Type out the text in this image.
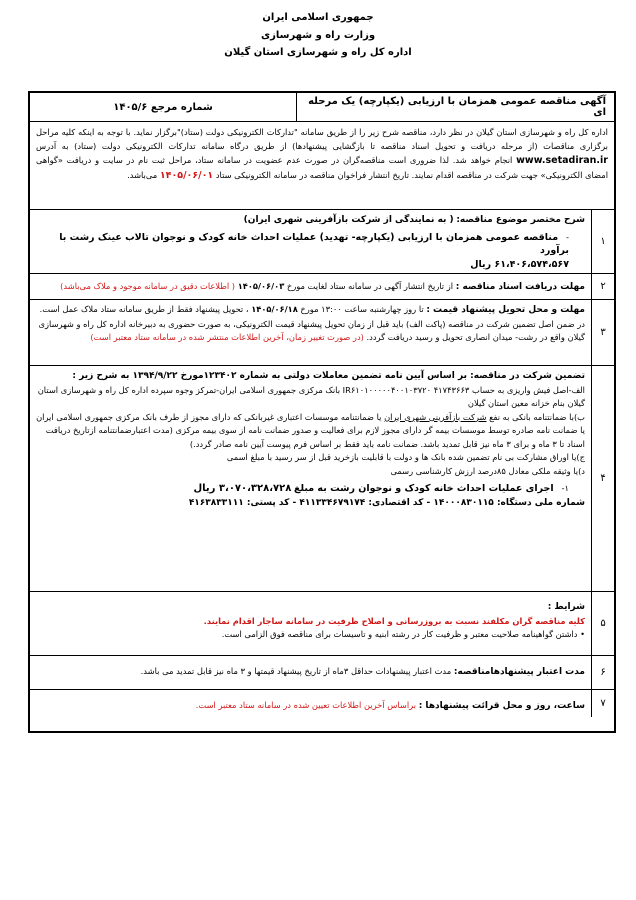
جمهوری اسلامی ایران
وزارت راه و شهرسازی
اداره کل راه و شهرسازی استان گیلان
آگهی مناقصه عمومی همزمان با ارزیابی (یکپارچه) یک مرحله ای
شماره مرجع ۱۴۰۵/۶
اداره کل راه و شهرسازی استان گیلان در نظر دارد، مناقصه شرح زیر را از طریق سامانه "تدارکات الکترونیکی دولت (ستاد)"برگزار نماید. با توجه به اینکه کلیه مراحل برگزاری مناقصات (از مرحله دریافت و تحویل اسناد مناقصه تا بازگشایی پیشنهادها) از طریق درگاه سامانه تدارکات الکترونیکی دولت (ستاد) به آدرس www.setadiran.ir انجام خواهد شد. لذا ضروری است مناقصه‌گران در صورت عدم عضویت در سامانه ستاد، مراحل ثبت نام در سایت و دریافت «گواهی امضای الکترونیکی» جهت شرکت در مناقصه اقدام نمایند. تاریخ انتشار فراخوان مناقصه در سامانه الکترونیکی ستاد ۱۴۰۵/۰۶/۰۱ می‌باشد.
۱

شرح مختصر موضوع مناقصه: ( به نمایندگی از شرکت بازآفرینی شهری ایران)

-   مناقصه عمومی همزمان با ارزیابی (یکپارچه- تهدید) عملیات احداث خانه کودک و نوجوان تالاب عینک رشت با برآورد

۶۱،۴۰۶،۵۷۴،۵۶۷ ریال

۲
مهلت دریافت اسناد مناقصه : از تاریخ انتشار آگهی در سامانه ستاد لغایت مورخ ۱۴۰۵/۰۶/۰۳ ( اطلاعات دقیق در سامانه موجود و ملاک می‌باشد)
۳
مهلت و محل تحویل پیشنهاد قیمت : تا روز چهارشنبه ساعت ۱۳:۰۰ مورخ ۱۴۰۵/۰۶/۱۸ ، تحویل پیشنهاد فقط از طریق سامانه ستاد ملاک عمل است. در ضمن اصل تضمین شرکت در مناقصه (پاکت الف) باید قبل از زمان تحویل پیشنهاد قیمت الکترونیکی، به صورت حضوری به دبیرخانه اداره کل راه و شهرسازی گیلان واقع در رشت- میدان انصاری تحویل و رسید دریافت گردد. (در صورت تغییر زمان، آخرین اطلاعات منتشر شده در سامانه ستاد معتبر است)
۴

تضمین شرکت در مناقصه: بر اساس آیین نامه تضمین معاملات دولتی به شماره ۱۲۳۴۰۲مورخ ۱۳۹۴/۹/۲۲ به شرح زیر :

الف-اصل فیش واریزی به حساب ۴۱۷۴۳۶۶۳ IR۶۱۰۱۰۰۰۰۰۴۰۰۱۰۳۷۲۰ بانک مرکزی جمهوری اسلامی ایران-تمرکز وجوه سپرده اداره کل راه و شهرسازی استان گیلان بنام خزانه معین استان گیلان

ب)با ضمانتنامه بانکی به نفع شرکت بازآفرینی شهری ایران یا ضمانتنامه موسسات اعتباری غیربانکی که دارای مجوز از طرف بانک مرکزی جمهوری اسلامی ایران یا ضمانت نامه صادره توسط موسسات بیمه گر دارای مجوز لازم برای فعالیت و صدور ضمانت نامه از سوی بیمه مرکزی (مدت اعتبارضمانتنامه ازتاریخ دریافت اسناد تا ۳ ماه و برای ۳ ماه نیز قابل تمدید باشد. ضمانت نامه باید فقط بر اساس فرم پیوست آیین نامه صادر گردد.)

ج)یا اوراق مشارکت بی نام تضمین شده بانک ها و دولت با قابلیت بازخرید قبل از سر رسید با مبلغ اسمی

د)یا وثیقه ملکی معادل ۸۵درصد ارزش کارشناسی رسمی

۱-   اجرای عملیات احداث خانه کودک و نوجوان رشت به مبلغ ۳،۰۷۰،۳۲۸،۷۲۸ ریال

شماره ملی دستگاه: ۱۴۰۰۰۸۳۰۱۱۵ - کد اقتصادی: ۴۱۱۳۳۴۶۷۹۱۷۴ - کد پستی: ۴۱۶۳۸۳۳۱۱۱

۵

شرایط :

کلیه مناقصه گران مکلفند نسبت به بروزرسانی و اصلاح ظرفیت در سامانه ساجار اقدام نمایند.

• داشتن گواهینامه صلاحیت معتبر و ظرفیت کار در رشته ابنیه و تاسیسات برای مناقصه فوق الزامی است.

۶
مدت اعتبار پیشنهادهامناقصه: مدت اعتبار پیشنهادات حداقل ۳ماه از تاریخ پیشنهاد قیمتها و ۳ ماه نیز قابل تمدید می باشد.
۷
ساعت، روز و محل قرائت پیشنهادها : براساس آخرین اطلاعات تعیین شده در سامانه ستاد معتبر است.
